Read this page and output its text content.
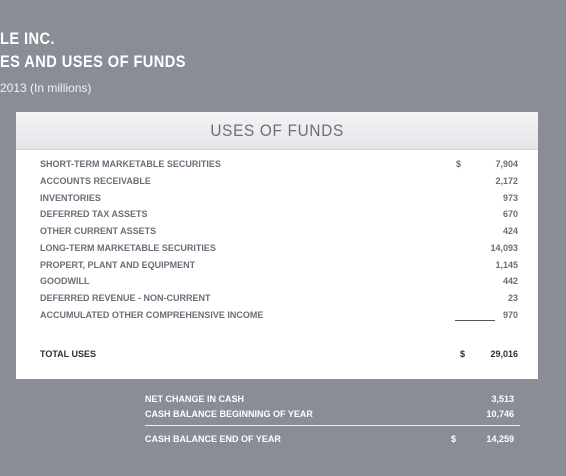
LE INC.
ES AND USES OF FUNDS
2013 (In millions)
USES OF FUNDS
SHORT-TERM MARKETABLE SECURITIES	$	7,904
ACCOUNTS RECEIVABLE	2,172
INVENTORIES	973
DEFERRED TAX ASSETS	670
OTHER CURRENT ASSETS	424
LONG-TERM MARKETABLE SECURITIES	14,093
PROPERT, PLANT AND EQUIPMENT	1,145
GOODWILL	442
DEFERRED REVENUE - NON-CURRENT	23
ACCUMULATED OTHER COMPREHENSIVE INCOME	970
TOTAL USES	$	29,016
NET CHANGE IN CASH	3,513
CASH BALANCE BEGINNING OF YEAR	10,746
CASH BALANCE END OF YEAR	$	14,259
